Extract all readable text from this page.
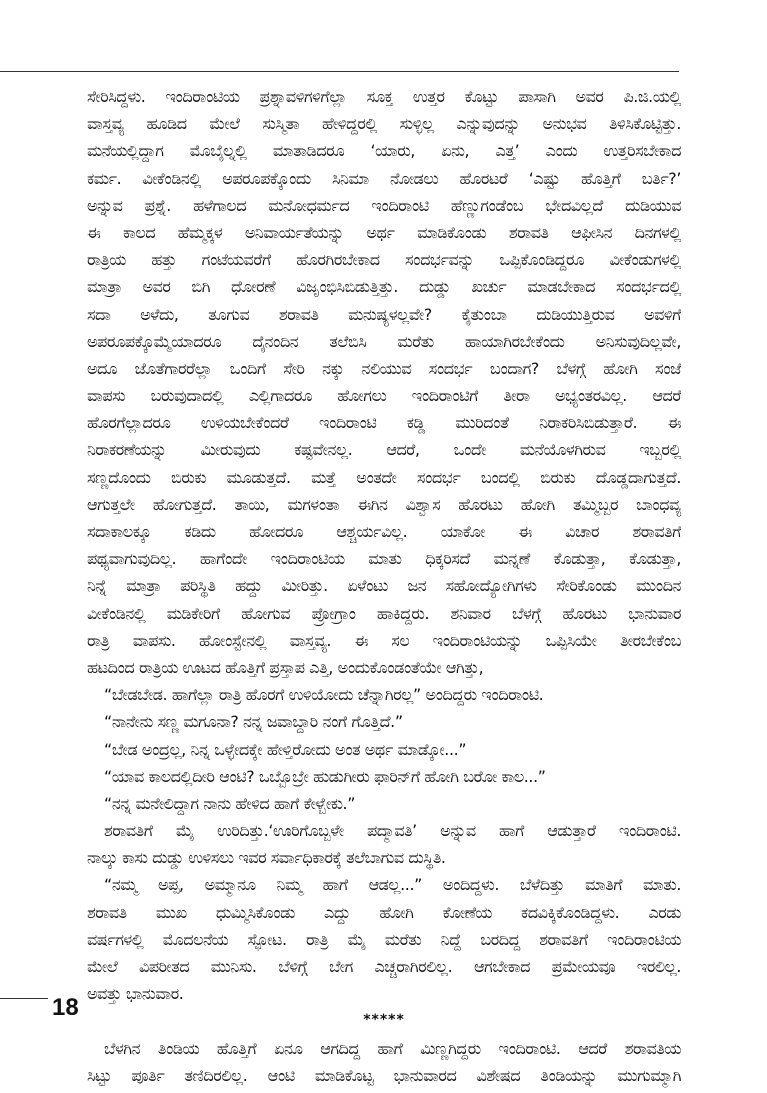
ಸೇರಿಸಿದ್ದಳು. ಇಂದಿರಾಂಟಿಯ ಪ್ರಶ್ನಾವಳಿಗಳಿಗೆಲ್ಲಾ ಸೂಕ್ತ ಉತ್ತರ ಕೊಟ್ಟು ಪಾಸಾಗಿ ಅವರ ಪಿ.ಜಿ.ಯಲ್ಲಿ
ವಾಸ್ತವ್ಯ ಹೂಡಿದ ಮೇಲೆ ಸುಸ್ಮಿತಾ ಹೇಳಿದ್ದರಲ್ಲಿ ಸುಳ್ಳಿಲ್ಲ ಎನ್ನುವುದನ್ನು ಅನುಭವ ತಿಳಿಸಿಕೊಟ್ಟಿತ್ತು.
ಮನೆಯಲ್ಲಿದ್ದಾಗ ಮೊಬೈಲ್ನಲ್ಲಿ ಮಾತಾಡಿದರೂ ‘ಯಾರು, ಏನು, ಎತ್ತ’ ಎಂದು ಉತ್ತರಿಸಬೇಕಾದ
ಕರ್ಮ. ವೀಕೆಂಡಿನಲ್ಲಿ ಅಪರೂಪಕ್ಕೊಂದು ಸಿನಿಮಾ ನೋಡಲು ಹೊರಟರೆ ‘ಎಷ್ಟು ಹೊತ್ತಿಗೆ ಬರ್ತಿ?’
ಅನ್ನುವ ಪ್ರಶ್ನೆ. ಹಳೆಗಾಲದ ಮನೋಧರ್ಮದ ಇಂದಿರಾಂಟಿ ಹೆಣ್ಣುಗಂಡೆಂಬ ಭೇದವಿಲ್ಲದೆ ದುಡಿಯುವ
ಈ ಕಾಲದ ಹೆಮ್ಮಕ್ಕಳ ಅನಿವಾರ್ಯತೆಯನ್ನು ಅರ್ಥ ಮಾಡಿಕೊಂಡು ಶರಾವತಿ ಆಫೀಸಿನ ದಿನಗಳಲ್ಲಿ
ರಾತ್ರಿಯ ಹತ್ತು ಗಂಟೆಯವರೆಗೆ ಹೊರಗಿರಬೇಕಾದ ಸಂದರ್ಭವನ್ನು ಒಪ್ಪಿಕೊಂಡಿದ್ದರೂ ವೀಕೆಂಡುಗಳಲ್ಲಿ
ಮಾತ್ರಾ ಅವರ ಬಿಗಿ ಧೋರಣೆ ವಿಜೃಂಭಿಸಿಬಿಡುತ್ತಿತ್ತು. ದುಡ್ಡು ಖರ್ಚು ಮಾಡಬೇಕಾದ ಸಂದರ್ಭದಲ್ಲಿ
ಸದಾ ಅಳೆದು, ತೂಗುವ ಶರಾವತಿ ಮನುಷ್ಯಳಲ್ಲವೇ? ಕೈತುಂಬಾ ದುಡಿಯುತ್ತಿರುವ ಅವಳಿಗೆ
ಅಪರೂಪಕ್ಕೊಮ್ಮೆಯಾದರೂ ದೈನಂದಿನ ತಲೆಬಿಸಿ ಮರೆತು ಹಾಯಾಗಿರಬೇಕೆಂದು ಅನಿಸುವುದಿಲ್ಲವೇ,
ಅದೂ ಜೊತೆಗಾರರೆಲ್ಲಾ ಒಂದಿಗೆ ಸೇರಿ ನಕ್ಕು ನಲಿಯುವ ಸಂದರ್ಭ ಬಂದಾಗ? ಬೆಳಗ್ಗೆ ಹೋಗಿ ಸಂಜೆ
ವಾಪಸು ಬರುವುದಾದಲ್ಲಿ ಎಲ್ಲಿಗಾದರೂ ಹೋಗಲು ಇಂದಿರಾಂಟಿಗೆ ತೀರಾ ಅಭ್ಯಂತರವಿಲ್ಲ. ಆದರೆ
ಹೊರಗೆಲ್ಲಾದರೂ ಉಳಿಯಬೇಕೆಂದರೆ ಇಂದಿರಾಂಟಿ ಕಡ್ಡಿ ಮುರಿದಂತೆ ನಿರಾಕರಿಸಿಬಿಡುತ್ತಾರೆ. ಈ
ನಿರಾಕರಣೆಯನ್ನು ಮೀರುವುದು ಕಷ್ಟವೇನಲ್ಲ. ಆದರೆ, ಒಂದೇ ಮನೆಯೊಳಗಿರುವ ಇಬ್ಬರಲ್ಲಿ
ಸಣ್ಣದೊಂದು ಬಿರುಕು ಮೂಡುತ್ತದೆ. ಮತ್ತೆ ಅಂತದೇ ಸಂದರ್ಭ ಬಂದಲ್ಲಿ ಬಿರುಕು ದೊಡ್ಡದಾಗುತ್ತದೆ.
ಆಗುತ್ತಲೇ ಹೋಗುತ್ತದೆ. ತಾಯಿ, ಮಗಳಂತಾ ಈಗಿನ ವಿಶ್ವಾಸ ಹೊರಟು ಹೋಗಿ ತಮ್ಮಿಬ್ಬರ ಬಾಂಧವ್ಯ
ಸದಾಕಾಲಕ್ಕೂ ಕಡಿದು ಹೋದರೂ ಆಶ್ಚರ್ಯವಿಲ್ಲ. ಯಾಕೋ ಈ ವಿಚಾರ ಶರಾವತಿಗೆ
ಪಥ್ಯವಾಗುವುದಿಲ್ಲ. ಹಾಗೆಂದೇ ಇಂದಿರಾಂಟಿಯ ಮಾತು ಧಿಕ್ಕರಿಸದೆ ಮನ್ನಣೆ ಕೊಡುತ್ತಾ, ಕೊಡುತ್ತಾ,
ನಿನ್ನೆ ಮಾತ್ರಾ ಪರಿಸ್ಥಿತಿ ಹದ್ದು ಮೀರಿತ್ತು. ಏಳೆಂಟು ಜನ ಸಹೋದ್ಯೋಗಿಗಳು ಸೇರಿಕೊಂಡು ಮುಂದಿನ
ವೀಕೆಂಡಿನಲ್ಲಿ ಮಡಿಕೇರಿಗೆ ಹೋಗುವ ಪ್ರೋಗ್ರಾಂ ಹಾಕಿದ್ದರು. ಶನಿವಾರ ಬೆಳಗ್ಗೆ ಹೊರಟು ಭಾನುವಾರ
ರಾತ್ರಿ ವಾಪಸು. ಹೋಂಸ್ಟೇನಲ್ಲಿ ವಾಸ್ತವ್ಯ. ಈ ಸಲ ಇಂದಿರಾಂಟಿಯನ್ನು ಒಪ್ಪಿಸಿಯೇ ತೀರಬೇಕೆಂಬ
ಹಟದಿಂದ ರಾತ್ರಿಯ ಊಟದ ಹೊತ್ತಿಗೆ ಪ್ರಸ್ತಾಪ ಎತ್ತಿ, ಅಂದುಕೊಂಡಂತೆಯೇ ಆಗಿತ್ತು,
“ಬೇಡಬೇಡ. ಹಾಗೆಲ್ಲಾ ರಾತ್ರಿ ಹೊರಗೆ ಉಳಿಯೋದು ಚೆನ್ನಾಗಿರಲ್ಲ” ಅಂದಿದ್ದರು ಇಂದಿರಾಂಟಿ.
“ನಾನೇನು ಸಣ್ಣ ಮಗೂನಾ? ನನ್ನ ಜವಾಬ್ದಾರಿ ನಂಗೆ ಗೊತ್ತಿದೆ.”
“ಬೇಡ ಅಂದ್ರಲ್ಲ, ನಿನ್ನ ಒಳ್ಳೇದಕ್ಕೇ ಹೇಳ್ತಿರೋದು ಅಂತ ಅರ್ಥ ಮಾಡ್ಕೋ...”
“ಯಾವ ಕಾಲದಲ್ಲಿದೀರಿ ಆಂಟಿ? ಒಬ್ಬೊಬ್ರೇ ಹುಡುಗೀರು ಫಾರಿನ್‌ಗೆ ಹೋಗಿ ಬರೋ ಕಾಲ...”
“ನನ್ನ ಮನೇಲಿದ್ದಾಗ ನಾನು ಹೇಳಿದ ಹಾಗೆ ಕೇಳ್ಬೇಕು.”
ಶರಾವತಿಗೆ ಮೈ ಉರಿದಿತ್ತು.‘ಊರಿಗೊಬ್ಬಳೇ ಪದ್ಮಾವತಿ’ ಅನ್ನುವ ಹಾಗೆ ಆಡುತ್ತಾರೆ ಇಂದಿರಾಂಟಿ.
ನಾಲ್ಕು ಕಾಸು ದುಡ್ಡು ಉಳಿಸಲು ಇವರ ಸರ್ವಾಧಿಕಾರಕ್ಕೆ ತಲೆಬಾಗುವ ದುಸ್ಥಿತಿ.
“ನಮ್ಮ ಅಪ್ಪ, ಅಮ್ಮಾನೂ ನಿಮ್ಮ ಹಾಗೆ ಆಡಲ್ಲ...” ಅಂದಿದ್ದಳು. ಬೆಳೆದಿತ್ತು ಮಾತಿಗೆ ಮಾತು.
ಶರಾವತಿ ಮುಖ ಧುಮ್ಮಿಸಿಕೊಂಡು ಎದ್ದು ಹೋಗಿ ಕೋಣೆಯ ಕದವಿಕ್ಕಿಕೊಂಡಿದ್ದಳು. ಎರಡು
ವರ್ಷಗಳಲ್ಲಿ ಮೊದಲನೆಯ ಸ್ಫೋಟ. ರಾತ್ರಿ ಮೈ ಮರೆತು ನಿದ್ದೆ ಬರದಿದ್ದ ಶರಾವತಿಗೆ ಇಂದಿರಾಂಟಿಯ
ಮೇಲೆ ವಿಪರೀತದ ಮುನಿಸು. ಬೆಳಿಗ್ಗೆ ಬೇಗ ಎಚ್ಚರಾಗಿರಲಿಲ್ಲ. ಆಗಬೇಕಾದ ಪ್ರಮೇಯವೂ ಇರಲಿಲ್ಲ.
ಅವತ್ತು ಭಾನುವಾರ.
*****
ಬೆಳಗಿನ ತಿಂಡಿಯ ಹೊತ್ತಿಗೆ ಏನೂ ಆಗದಿದ್ದ ಹಾಗೆ ಮಿಣ್ಣಗಿದ್ದರು ಇಂದಿರಾಂಟಿ. ಆದರೆ ಶರಾವತಿಯ
ಸಿಟ್ಟು ಪೂರ್ತಿ ತಣಿದಿರಲಿಲ್ಲ. ಆಂಟಿ ಮಾಡಿಕೊಟ್ಟ ಭಾನುವಾರದ ವಿಶೇಷದ ತಿಂಡಿಯನ್ನು ಮುಗುಮ್ಮಾಗಿ
18
